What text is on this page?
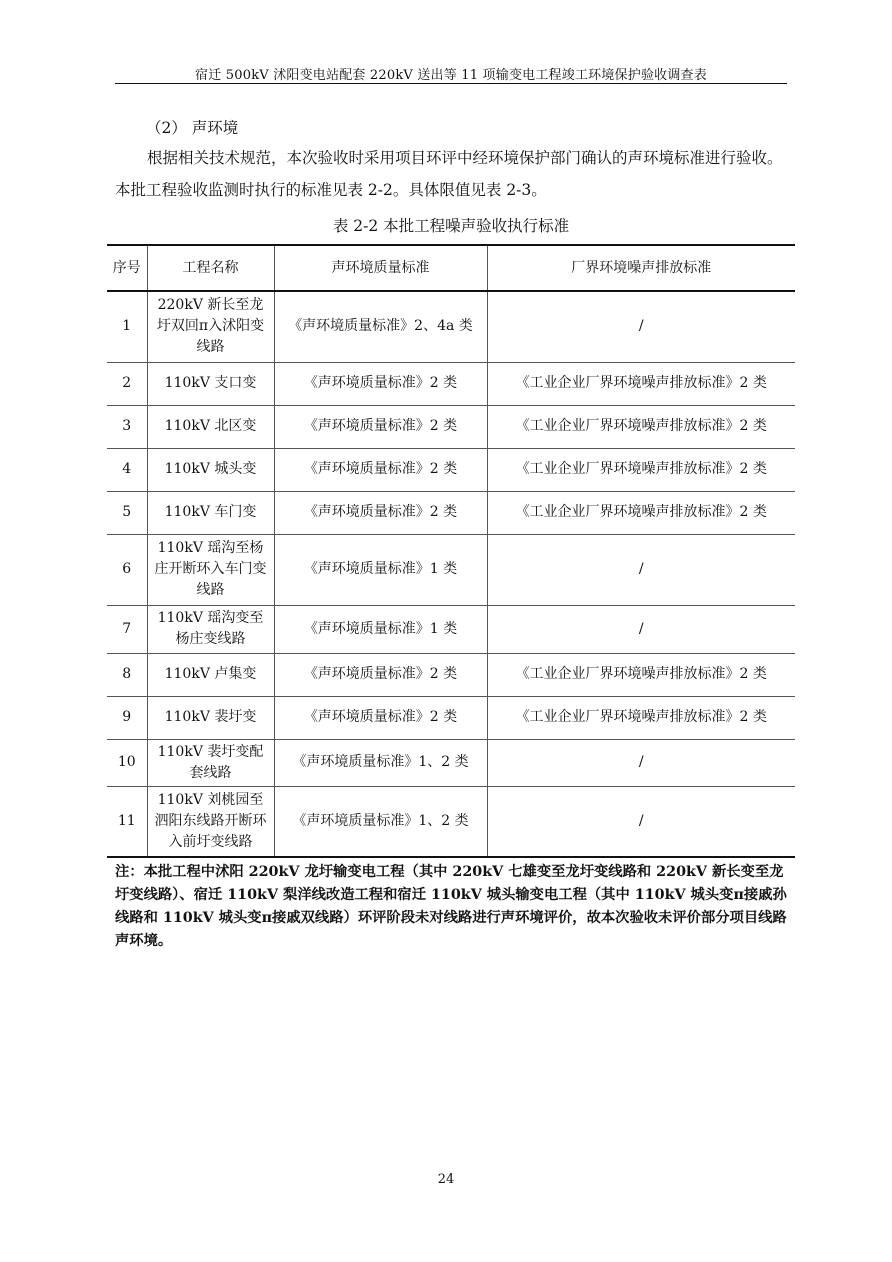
宿迁 500kV 沭阳变电站配套 220kV 送出等 11 项输变电工程竣工环境保护验收调查表
（2） 声环境
根据相关技术规范，本次验收时采用项目环评中经环境保护部门确认的声环境标准进行验收。本批工程验收监测时执行的标准见表 2-2。具体限值见表 2-3。
表 2-2 本批工程噪声验收执行标准
序号	工程名称	声环境质量标准	厂界环境噪声排放标准
1	220kV 新长至龙圩双回π入沭阳变线路	《声环境质量标准》2、4a 类	/
2	110kV 支口变	《声环境质量标准》2 类	《工业企业厂界环境噪声排放标准》2 类
3	110kV 北区变	《声环境质量标准》2 类	《工业企业厂界环境噪声排放标准》2 类
4	110kV 城头变	《声环境质量标准》2 类	《工业企业厂界环境噪声排放标准》2 类
5	110kV 车门变	《声环境质量标准》2 类	《工业企业厂界环境噪声排放标准》2 类
6	110kV 瑶沟至杨庄开断环入车门变线路	《声环境质量标准》1 类	/
7	110kV 瑶沟变至杨庄变线路	《声环境质量标准》1 类	/
8	110kV 卢集变	《声环境质量标准》2 类	《工业企业厂界环境噪声排放标准》2 类
9	110kV 裴圩变	《声环境质量标准》2 类	《工业企业厂界环境噪声排放标准》2 类
10	110kV 裴圩变配套线路	《声环境质量标准》1、2 类	/
11	110kV 刘桃园至泗阳东线路开断环入前圩变线路	《声环境质量标准》1、2 类	/
注：本批工程中沭阳 220kV 龙圩输变电工程（其中 220kV 七雄变至龙圩变线路和 220kV 新长变至龙圩变线路）、宿迁 110kV 梨洋线改造工程和宿迁 110kV 城头输变电工程（其中 110kV 城头变π接戚孙线路和 110kV 城头变π接戚双线路）环评阶段未对线路进行声环境评价，故本次验收未评价部分项目线路声环境。
24
